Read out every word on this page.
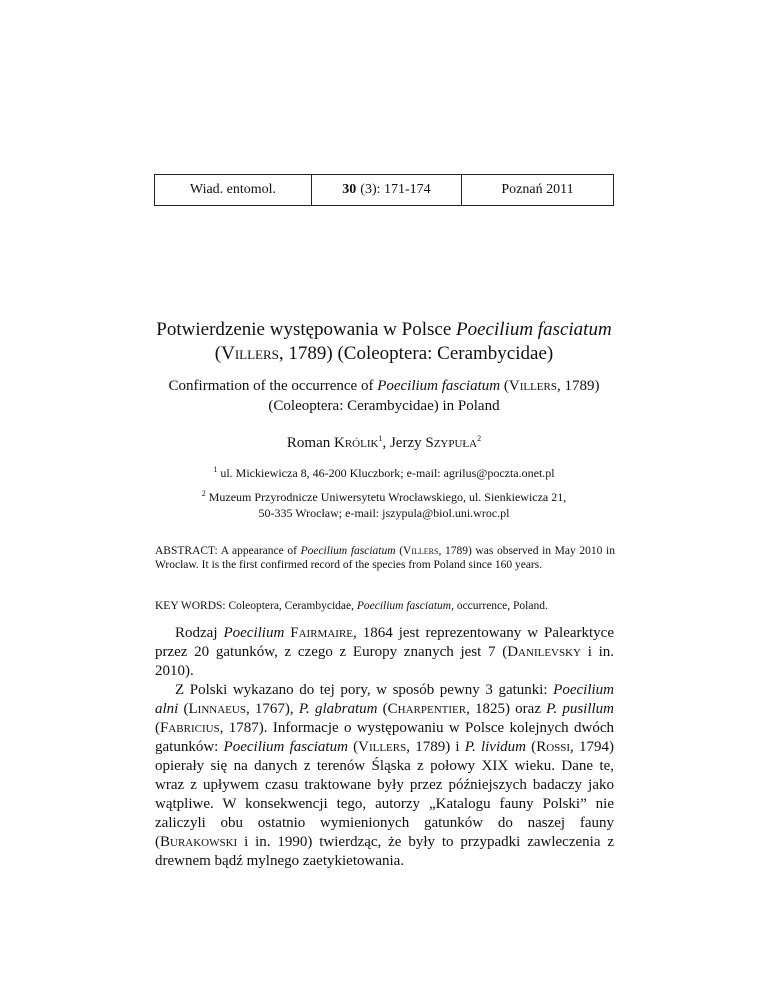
Wiad. entomol.	30 (3): 171-174	Poznań 2011
Potwierdzenie występowania w Polsce Poecilium fasciatum
(Villers, 1789) (Coleoptera: Cerambycidae)
Confirmation of the occurrence of Poecilium fasciatum (Villers, 1789)
(Coleoptera: Cerambycidae) in Poland
Roman Królik$^1$, Jerzy Szypuła$^2$
$^1$ ul. Mickiewicza 8, 46-200 Kluczbork; e-mail: agrilus@poczta.onet.pl
$^2$ Muzeum Przyrodnicze Uniwersytetu Wrocławskiego, ul. Sienkiewicza 21,
50-335 Wrocław; e-mail: jszypula@biol.uni.wroc.pl
ABSTRACT: A appearance of Poecilium fasciatum (Villers, 1789) was observed in May 2010 in Wrocław. It is the first confirmed record of the species from Poland since 160 years.
KEY WORDS: Coleoptera, Cerambycidae, Poecilium fasciatum, occurrence, Poland.

Rodzaj Poecilium Fairmaire, 1864 jest reprezentowany w Palearktyce przez 20 gatunków, z czego z Europy znanych jest 7 (Danilevsky i in. 2010).

Z Polski wykazano do tej pory, w sposób pewny 3 gatunki: Poecilium alni (Linnaeus, 1767), P. glabratum (Charpentier, 1825) oraz P. pusillum (Fabricius, 1787). Informacje o występowaniu w Polsce kolejnych dwóch gatunków: Poecilium fasciatum (Villers, 1789) i P. lividum (Rossi, 1794) opierały się na danych z terenów Śląska z połowy XIX wieku. Dane te, wraz z upływem czasu traktowane były przez późniejszych badaczy jako wątpliwe. W konsekwencji tego, autorzy „Katalogu fauny Polski” nie zaliczyli obu ostatnio wymienionych gatunków do naszej fauny (Burakowski i in. 1990) twierdząc, że były to przypadki zawleczenia z drewnem bądź mylnego zaetykietowania.
